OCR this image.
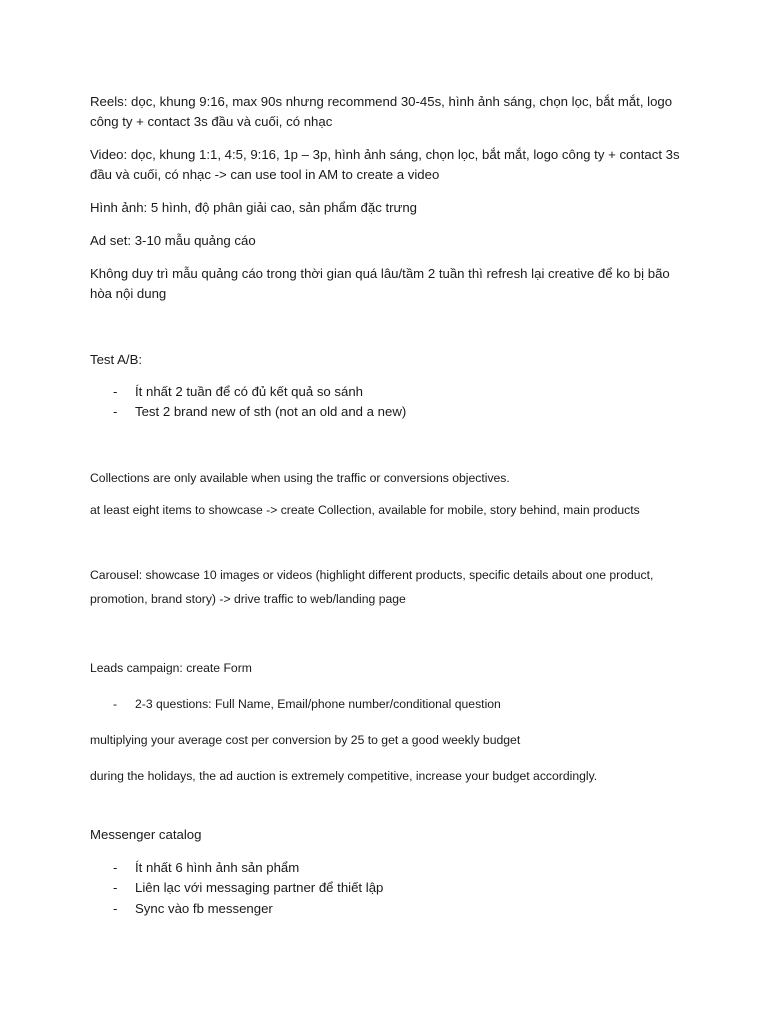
Reels: dọc, khung 9:16, max 90s nhưng recommend 30-45s, hình ảnh sáng, chọn lọc, bắt mắt, logo công ty + contact 3s đầu và cuối, có nhạc

Video: dọc, khung 1:1, 4:5, 9:16, 1p – 3p, hình ảnh sáng, chọn lọc, bắt mắt, logo công ty + contact 3s đầu và cuối, có nhạc -> can use tool in AM to create a video

Hình ảnh: 5 hình, độ phân giải cao, sản phẩm đặc trưng

Ad set: 3-10 mẫu quảng cáo

Không duy trì mẫu quảng cáo trong thời gian quá lâu/tầm 2 tuần thì refresh lại creative để ko bị bão hòa nội dung

Test A/B:

- Ít nhất 2 tuần để có đủ kết quả so sánh
- Test 2 brand new of sth (not an old and a new)

Collections are only available when using the traffic or conversions objectives.

at least eight items to showcase -> create Collection, available for mobile, story behind, main products

Carousel: showcase 10 images or videos (highlight different products, specific details about one product, promotion, brand story) -> drive traffic to web/landing page

Leads campaign: create Form

- 2-3 questions: Full Name, Email/phone number/conditional question

multiplying your average cost per conversion by 25 to get a good weekly budget

during the holidays, the ad auction is extremely competitive, increase your budget accordingly.

Messenger catalog

- Ít nhất 6 hình ảnh sản phẩm
- Liên lạc với messaging partner để thiết lập
- Sync vào fb messenger
